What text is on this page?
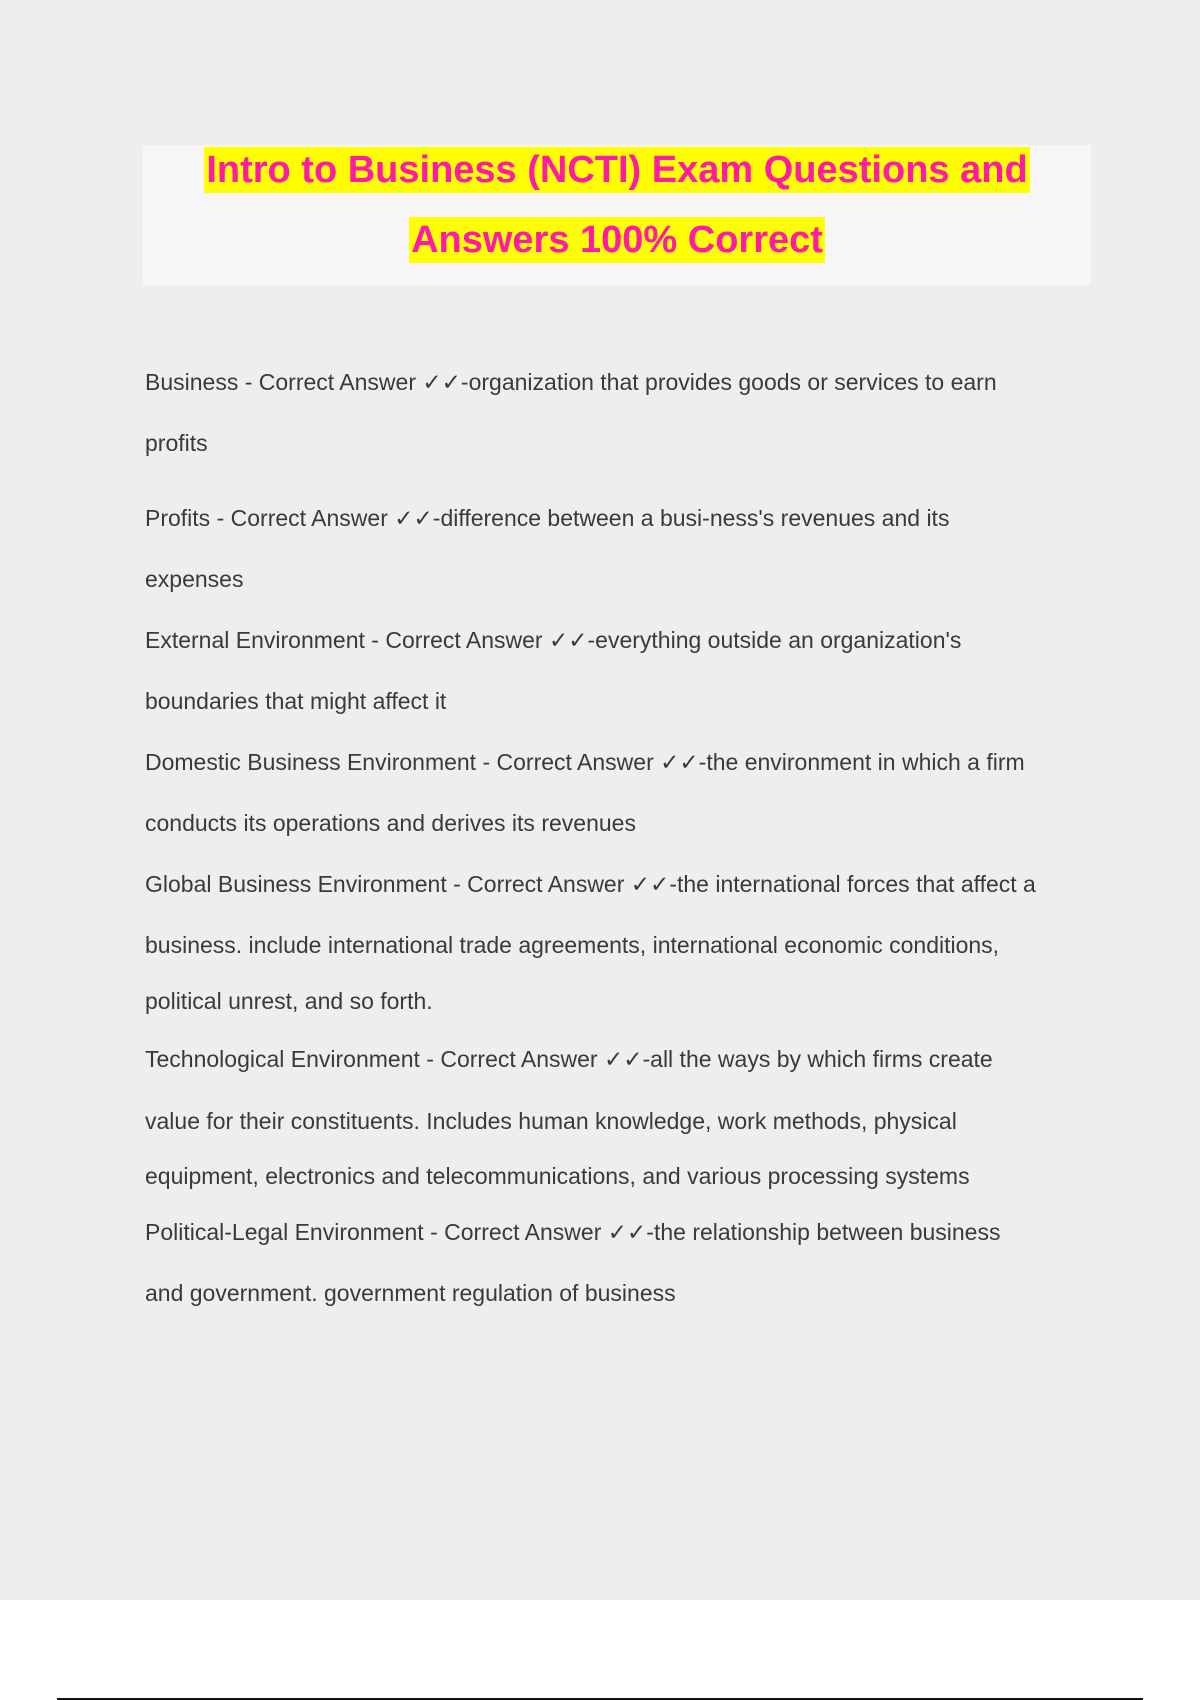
Intro to Business (NCTI) Exam Questions and
Answers 100% Correct

Business - Correct Answer ✓✓-organization that provides goods or services to earn

profits

Profits - Correct Answer ✓✓-difference between a busi-ness's revenues and its

expenses

External Environment - Correct Answer ✓✓-everything outside an organization's

boundaries that might affect it

Domestic Business Environment - Correct Answer ✓✓-the environment in which a firm

conducts its operations and derives its revenues

Global Business Environment - Correct Answer ✓✓-the international forces that affect a

business. include international trade agreements, international economic conditions,

political unrest, and so forth.

Technological Environment - Correct Answer ✓✓-all the ways by which firms create

value for their constituents. Includes human knowledge, work methods, physical

equipment, electronics and telecommunications, and various processing systems

Political-Legal Environment - Correct Answer ✓✓-the relationship between business

and government. government regulation of business
